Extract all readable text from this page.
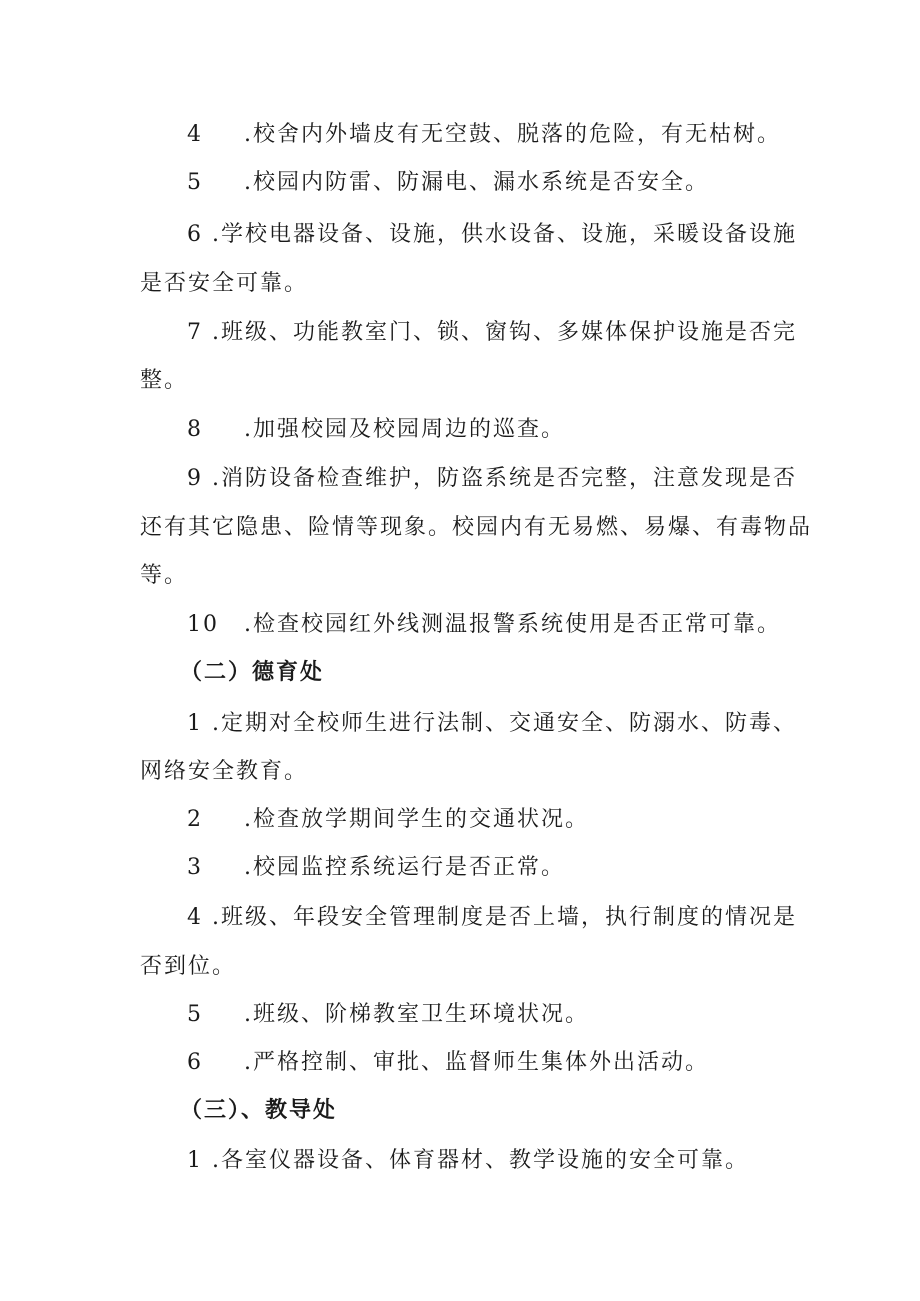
4 .校舍内外墙皮有无空鼓、脱落的危险，有无枯树。
5 .校园内防雷、防漏电、漏水系统是否安全。
6 .学校电器设备、设施，供水设备、设施，采暖设备设施
是否安全可靠。
7 .班级、功能教室门、锁、窗钩、多媒体保护设施是否完
整。
8 .加强校园及校园周边的巡查。
9 .消防设备检查维护，防盗系统是否完整，注意发现是否
还有其它隐患、险情等现象。校园内有无易燃、易爆、有毒物品
等。
10 .检查校园红外线测温报警系统使用是否正常可靠。
（二）德育处
1 .定期对全校师生进行法制、交通安全、防溺水、防毒、
网络安全教育。
2 .检查放学期间学生的交通状况。
3 .校园监控系统运行是否正常。
4 .班级、年段安全管理制度是否上墙，执行制度的情况是
否到位。
5 .班级、阶梯教室卫生环境状况。
6 .严格控制、审批、监督师生集体外出活动。
（三）、教导处
1 .各室仪器设备、体育器材、教学设施的安全可靠。
